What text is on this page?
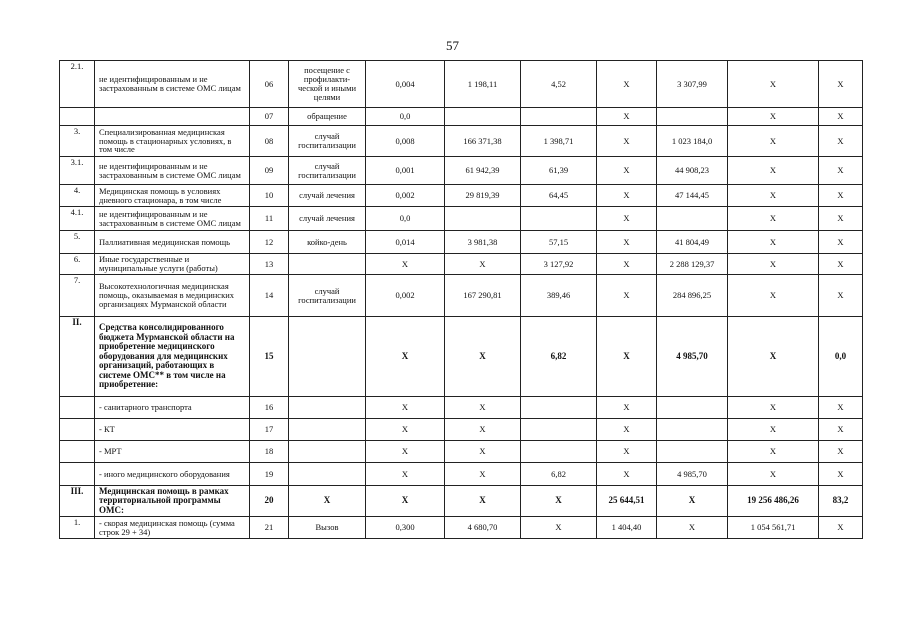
57
2.1.	не идентифицированным и не застрахованным в системе ОМС лицам	06	посещение с профилакти-ческой и иными целями	0,004	1 198,11	4,52	X	3 307,99	X	X
		07	обращение	0,0			X		X	X
3.	Специализированная медицинская помощь в стационарных условиях, в том числе	08	случай госпитализации	0,008	166 371,38	1 398,71	X	1 023 184,0	X	X
3.1.	не идентифицированным и не застрахованным в системе ОМС лицам	09	случай госпитализации	0,001	61 942,39	61,39	X	44 908,23	X	X
4.	Медицинская помощь в условиях дневного стационара, в том числе	10	случай лечения	0,002	29 819,39	64,45	X	47 144,45	X	X
4.1.	не идентифицированным и не застрахованным в системе ОМС лицам	11	случай лечения	0,0			X		X	X
5.	Паллиативная медицинская помощь	12	койко-день	0,014	3 981,38	57,15	X	41 804,49	X	X
6.	Иные государственные и муниципальные услуги (работы)	13		X	X	3 127,92	X	2 288 129,37	X	X
7.	Высокотехнологичная медицинская помощь, оказываемая в медицинских организациях Мурманской области	14	случай госпитализации	0,002	167 290,81	389,46	X	284 896,25	X	X
II.	Средства консолидированного бюджета Мурманской области на приобретение медицинского оборудования для медицинских организаций, работающих в системе ОМС** в том числе на приобретение:	15		X	X	6,82	X	4 985,70	X	0,0
	- санитарного транспорта	16		X	X		X		X	X
	- КТ	17		X	X		X		X	X
	- МРТ	18		X	X		X		X	X
	- иного медицинского оборудования	19		X	X	6,82	X	4 985,70	X	X
III.	Медицинская помощь в рамках территориальной программы ОМС:	20	X	X	X	X	25 644,51	X	19 256 486,26	83,2
1.	- скорая медицинская помощь (сумма строк 29 + 34)	21	Вызов	0,300	4 680,70	X	1 404,40	X	1 054 561,71	X
